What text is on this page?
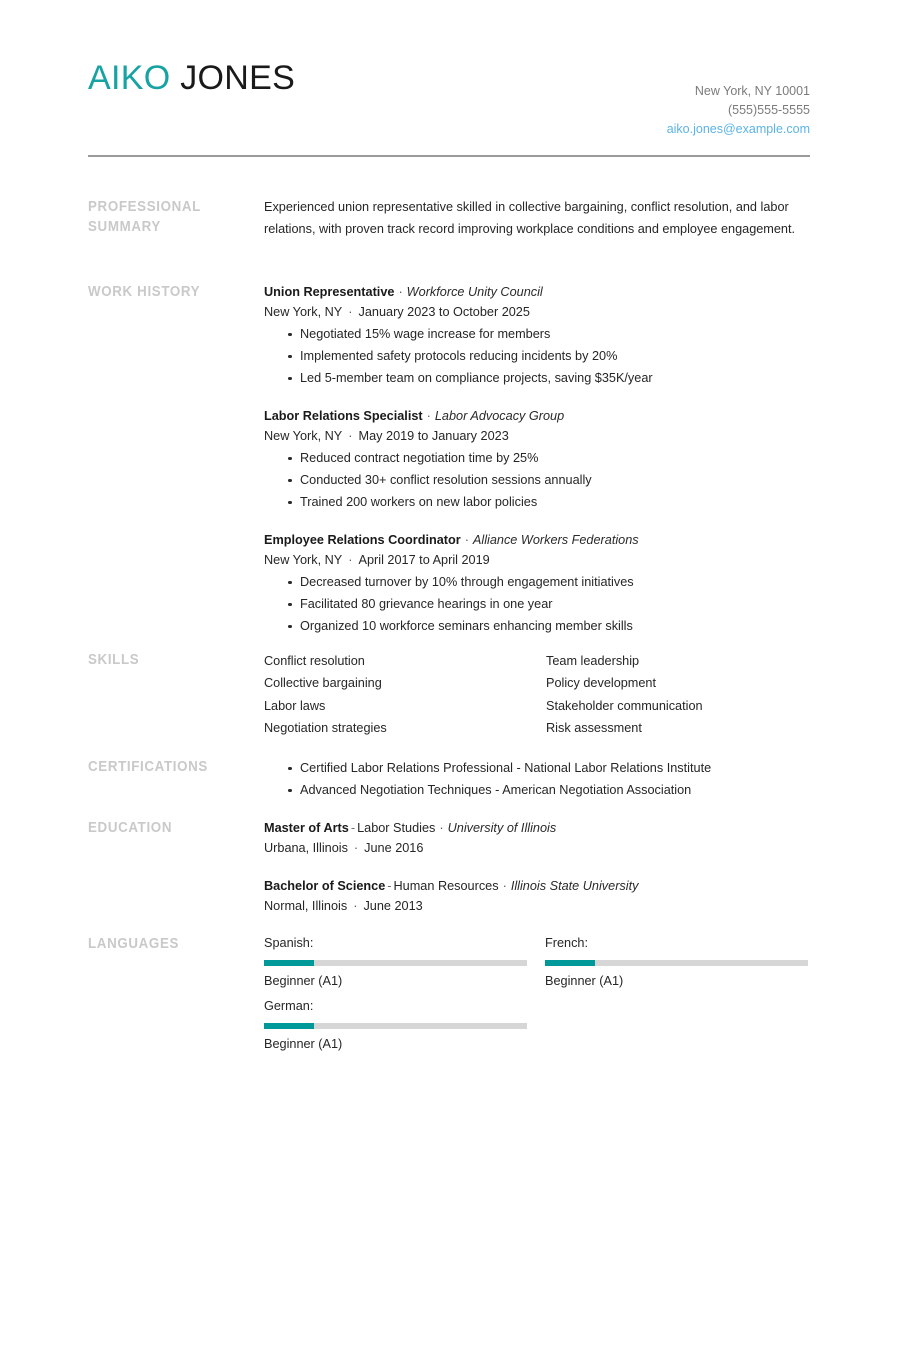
AIKO JONES	New York, NY 10001
(555)555-5555
aiko.jones@example.com
PROFESSIONAL
SUMMARY
Experienced union representative skilled in collective bargaining, conflict resolution, and labor relations, with proven track record improving workplace conditions and employee engagement.
WORK HISTORY	Union Representative · Workforce Unity Council
New York, NY · January 2023 to October 2025
Negotiated 15% wage increase for members
Implemented safety protocols reducing incidents by 20%
Led 5-member team on compliance projects, saving $35K/year
Labor Relations Specialist · Labor Advocacy Group
New York, NY · May 2019 to January 2023
Reduced contract negotiation time by 25%
Conducted 30+ conflict resolution sessions annually
Trained 200 workers on new labor policies
Employee Relations Coordinator · Alliance Workers Federations
New York, NY · April 2017 to April 2019
Decreased turnover by 10% through engagement initiatives
Facilitated 80 grievance hearings in one year
Organized 10 workforce seminars enhancing member skills
SKILLS	Conflict resolution
Collective bargaining
Labor laws
Negotiation strategies
Team leadership
Policy development
Stakeholder communication
Risk assessment
CERTIFICATIONS	Certified Labor Relations Professional - National Labor Relations Institute
Advanced Negotiation Techniques - American Negotiation Association
EDUCATION	Master of Arts - Labor Studies · University of Illinois
Urbana, Illinois · June 2016
Bachelor of Science - Human Resources · Illinois State University
Normal, Illinois · June 2013
LANGUAGES	Spanish:
Beginner (A1)
French:
Beginner (A1)
German:
Beginner (A1)
